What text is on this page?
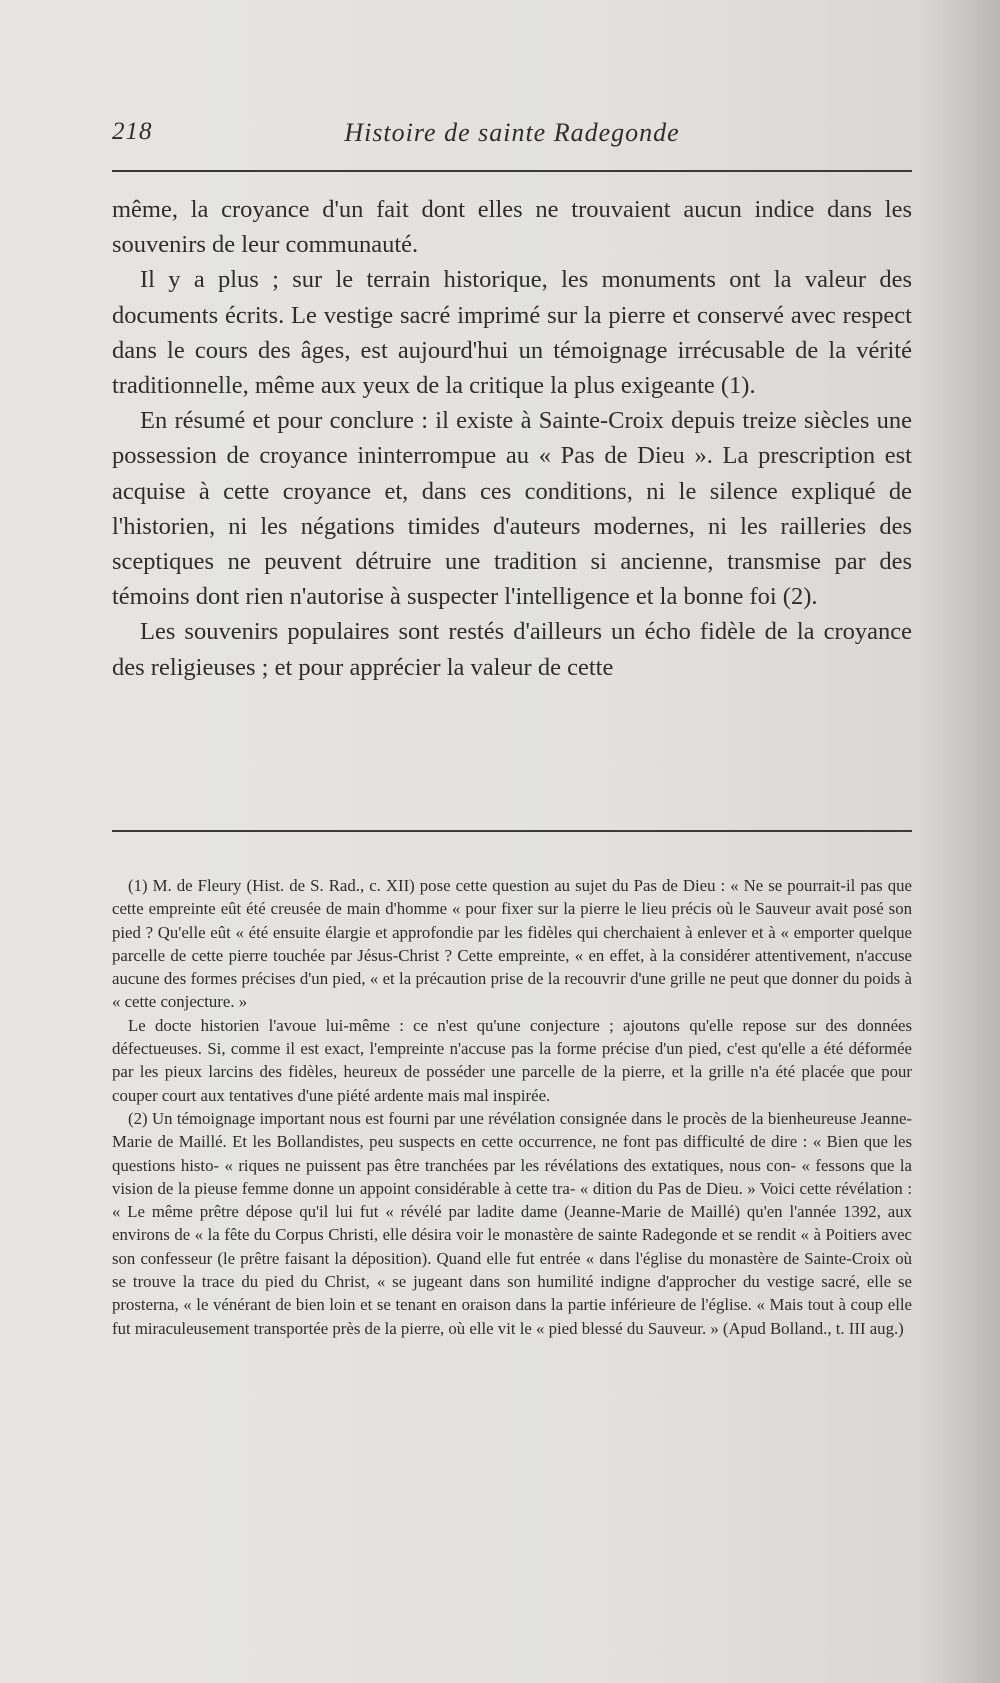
218	Histoire de sainte Radegonde

même, la croyance d'un fait dont elles ne trouvaient aucun indice dans les souvenirs de leur communauté.

Il y a plus ; sur le terrain historique, les monuments ont la valeur des documents écrits. Le vestige sacré imprimé sur la pierre et conservé avec respect dans le cours des âges, est aujourd'hui un témoignage irrécusable de la vérité traditionnelle, même aux yeux de la critique la plus exigeante (1).

En résumé et pour conclure : il existe à Sainte-Croix depuis treize siècles une possession de croyance ininterrompue au « Pas de Dieu ». La prescription est acquise à cette croyance et, dans ces conditions, ni le silence expliqué de l'historien, ni les négations timides d'auteurs modernes, ni les railleries des sceptiques ne peuvent détruire une tradition si ancienne, transmise par des témoins dont rien n'autorise à suspecter l'intelligence et la bonne foi (2).

Les souvenirs populaires sont restés d'ailleurs un écho fidèle de la croyance des religieuses ; et pour apprécier la valeur de cette

(1) M. de Fleury (Hist. de S. Rad., c. XII) pose cette question au sujet du Pas de Dieu : « Ne se pourrait-il pas que cette empreinte eût été creusée de main d'homme « pour fixer sur la pierre le lieu précis où le Sauveur avait posé son pied ? Qu'elle eût « été ensuite élargie et approfondie par les fidèles qui cherchaient à enlever et à « emporter quelque parcelle de cette pierre touchée par Jésus-Christ ? Cette empreinte, « en effet, à la considérer attentivement, n'accuse aucune des formes précises d'un pied, « et la précaution prise de la recouvrir d'une grille ne peut que donner du poids à « cette conjecture. »

Le docte historien l'avoue lui-même : ce n'est qu'une conjecture ; ajoutons qu'elle repose sur des données défectueuses. Si, comme il est exact, l'empreinte n'accuse pas la forme précise d'un pied, c'est qu'elle a été déformée par les pieux larcins des fidèles, heureux de posséder une parcelle de la pierre, et la grille n'a été placée que pour couper court aux tentatives d'une piété ardente mais mal inspirée.

(2) Un témoignage important nous est fourni par une révélation consignée dans le procès de la bienheureuse Jeanne-Marie de Maillé. Et les Bollandistes, peu suspects en cette occurrence, ne font pas difficulté de dire : « Bien que les questions histo- « riques ne puissent pas être tranchées par les révélations des extatiques, nous con- « fessons que la vision de la pieuse femme donne un appoint considérable à cette tra- « dition du Pas de Dieu. » Voici cette révélation : « Le même prêtre dépose qu'il lui fut « révélé par ladite dame (Jeanne-Marie de Maillé) qu'en l'année 1392, aux environs de « la fête du Corpus Christi, elle désira voir le monastère de sainte Radegonde et se rendit « à Poitiers avec son confesseur (le prêtre faisant la déposition). Quand elle fut entrée « dans l'église du monastère de Sainte-Croix où se trouve la trace du pied du Christ, « se jugeant dans son humilité indigne d'approcher du vestige sacré, elle se prosterna, « le vénérant de bien loin et se tenant en oraison dans la partie inférieure de l'église. « Mais tout à coup elle fut miraculeusement transportée près de la pierre, où elle vit le « pied blessé du Sauveur. » (Apud Bolland., t. III aug.)
